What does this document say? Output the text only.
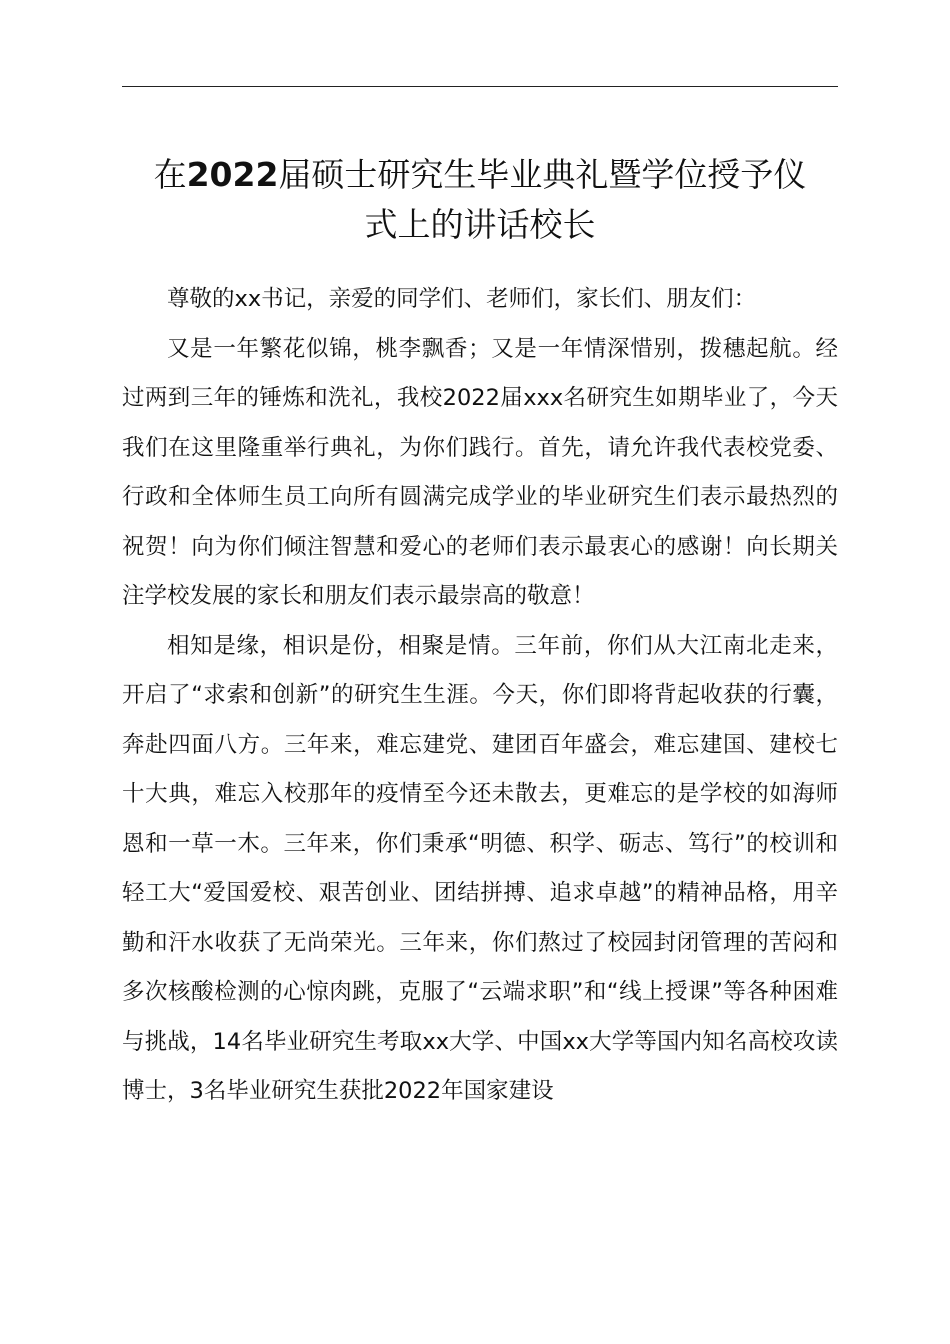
在2022届硕士研究生毕业典礼暨学位授予仪
式上的讲话校长

尊敬的xx书记，亲爱的同学们、老师们，家长们、朋友们：

又是一年繁花似锦，桃李飘香；又是一年情深惜别，拨穗起航。经过两到三年的锤炼和洗礼，我校2022届xxx名研究生如期毕业了，今天我们在这里隆重举行典礼，为你们践行。首先，请允许我代表校党委、行政和全体师生员工向所有圆满完成学业的毕业研究生们表示最热烈的祝贺！向为你们倾注智慧和爱心的老师们表示最衷心的感谢！向长期关注学校发展的家长和朋友们表示最崇高的敬意！

相知是缘，相识是份，相聚是情。三年前，你们从大江南北走来，开启了“求索和创新”的研究生生涯。今天，你们即将背起收获的行囊，奔赴四面八方。三年来，难忘建党、建团百年盛会，难忘建国、建校七十大典，难忘入校那年的疫情至今还未散去，更难忘的是学校的如海师恩和一草一木。三年来，你们秉承“明德、积学、砺志、笃行”的校训和轻工大“爱国爱校、艰苦创业、团结拼搏、追求卓越”的精神品格，用辛勤和汗水收获了无尚荣光。三年来，你们熬过了校园封闭管理的苦闷和多次核酸检测的心惊肉跳，克服了“云端求职”和“线上授课”等各种困难与挑战，14名毕业研究生考取xx大学、中国xx大学等国内知名高校攻读博士，3名毕业研究生获批2022年国家建设
